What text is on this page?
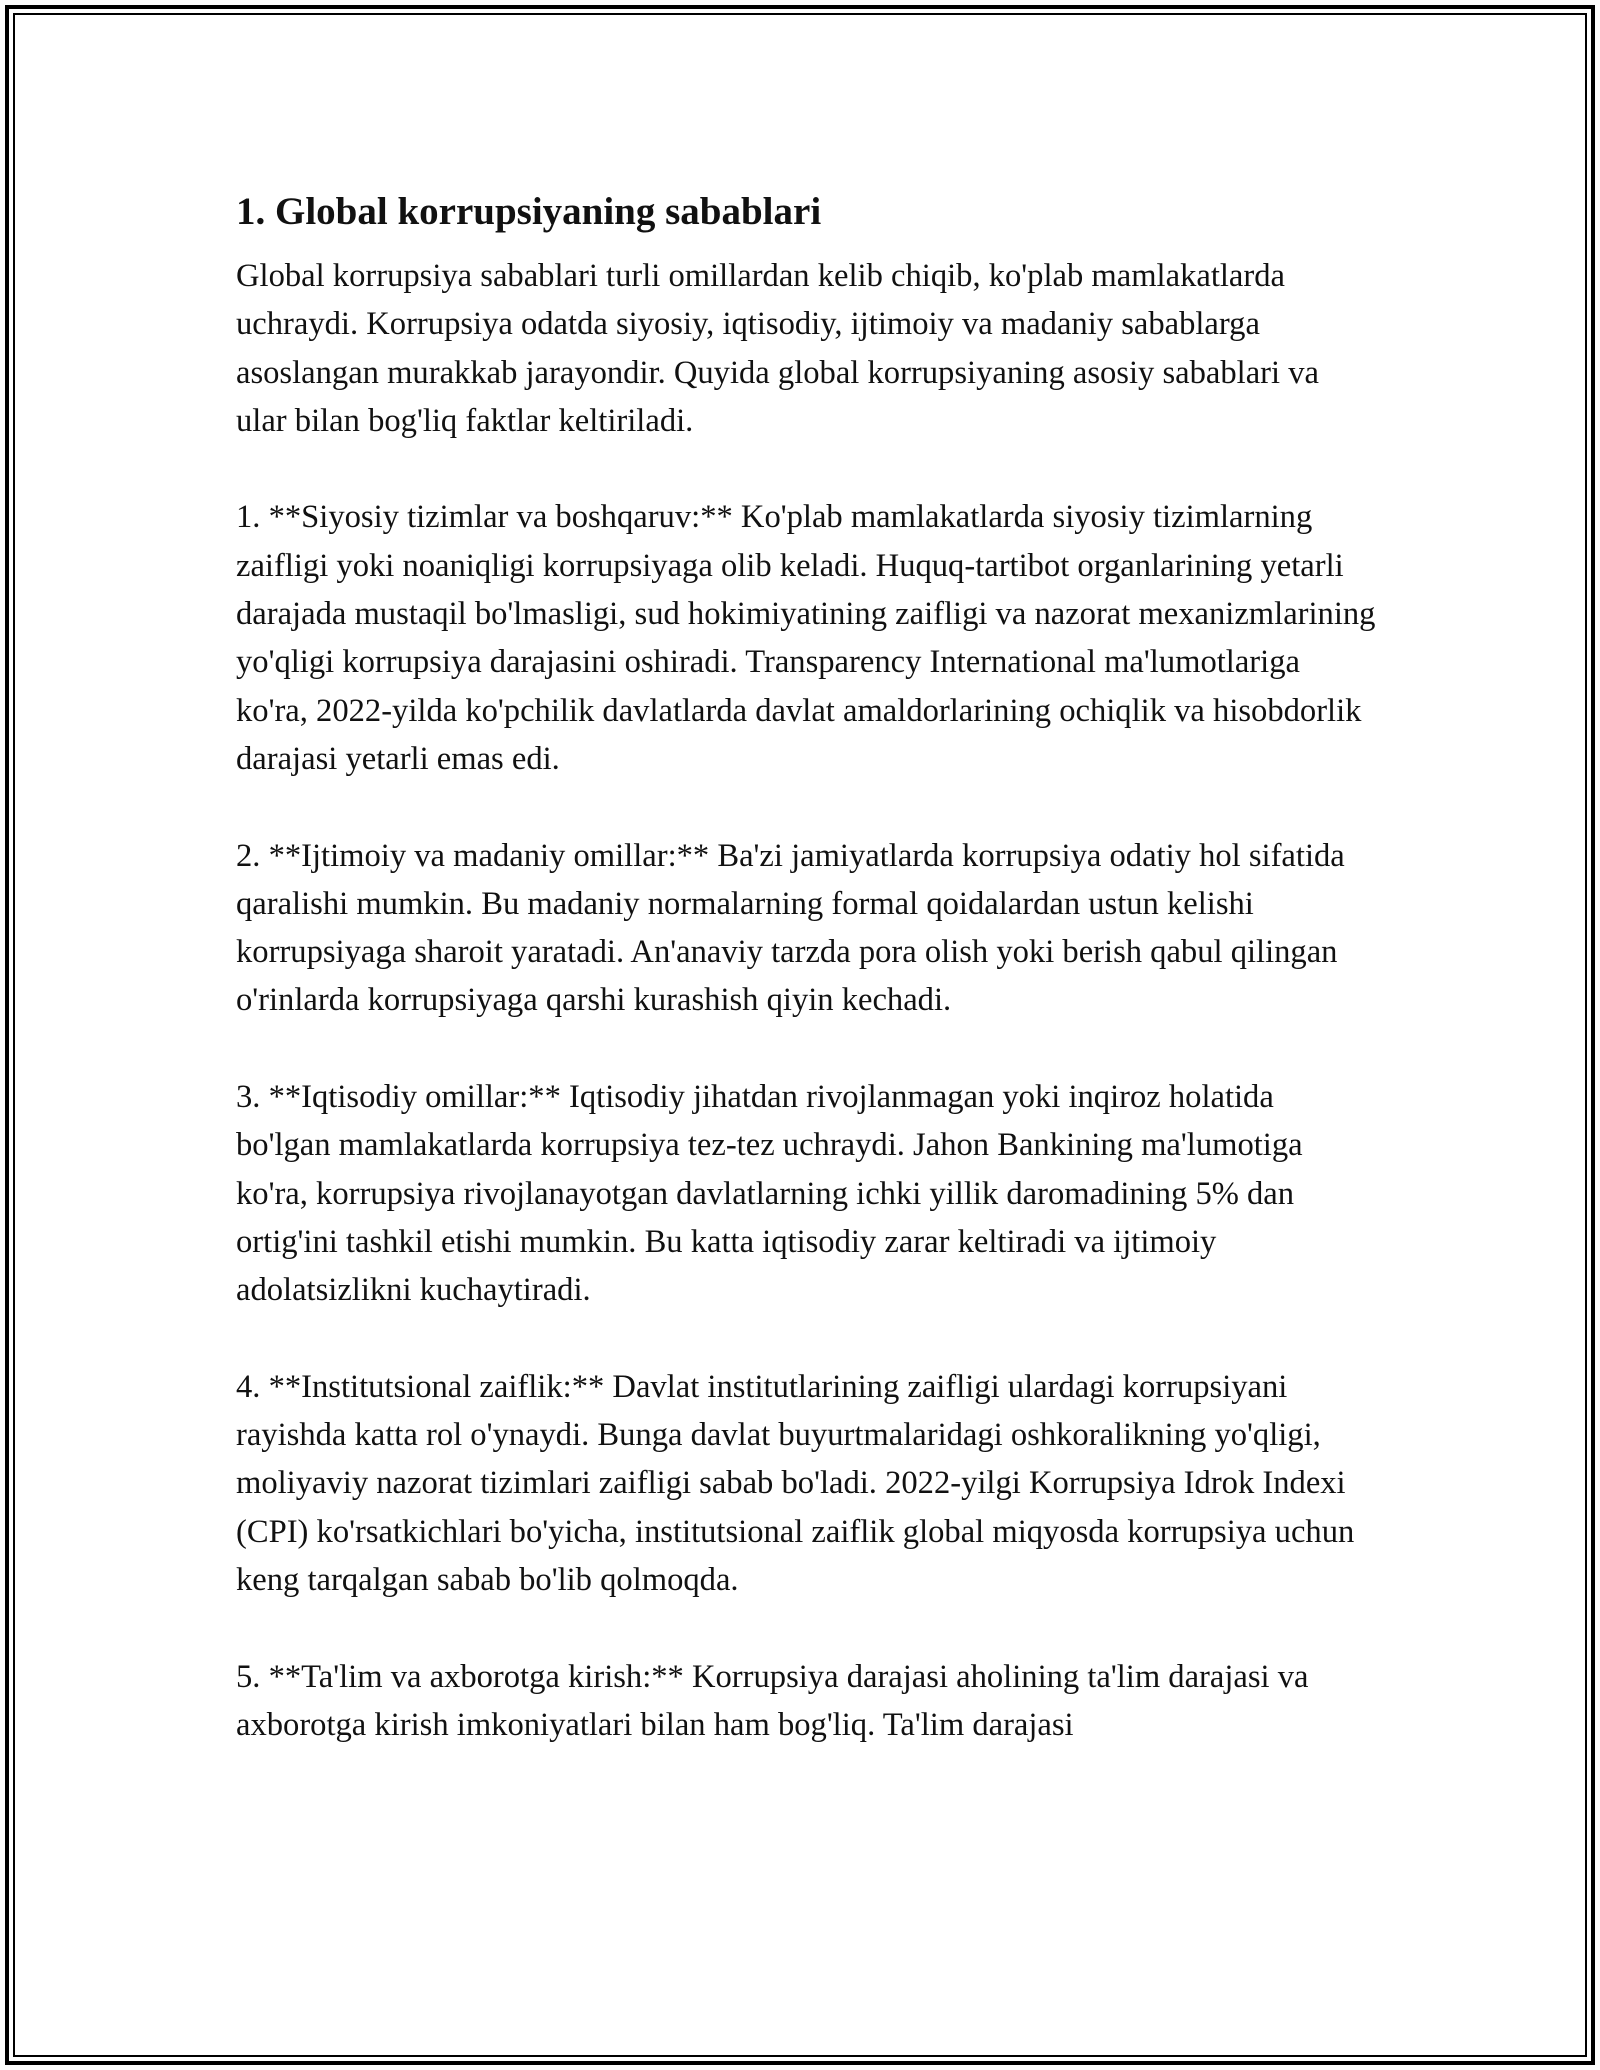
1. Global korrupsiyaning sabablari

Global korrupsiya sabablari turli omillardan kelib chiqib, ko'plab mamlakatlarda uchraydi. Korrupsiya odatda siyosiy, iqtisodiy, ijtimoiy va madaniy sabablarga asoslangan murakkab jarayondir. Quyida global korrupsiyaning asosiy sabablari va ular bilan bog'liq faktlar keltiriladi.

1. **Siyosiy tizimlar va boshqaruv:** Ko'plab mamlakatlarda siyosiy tizimlarning zaifligi yoki noaniqligi korrupsiyaga olib keladi. Huquq-tartibot organlarining yetarli darajada mustaqil bo'lmasligi, sud hokimiyatining zaifligi va nazorat mexanizmlarining yo'qligi korrupsiya darajasini oshiradi. Transparency International ma'lumotlariga ko'ra, 2022-yilda ko'pchilik davlatlarda davlat amaldorlarining ochiqlik va hisobdorlik darajasi yetarli emas edi.

2. **Ijtimoiy va madaniy omillar:** Ba'zi jamiyatlarda korrupsiya odatiy hol sifatida qaralishi mumkin. Bu madaniy normalarning formal qoidalardan ustun kelishi korrupsiyaga sharoit yaratadi. An'anaviy tarzda pora olish yoki berish qabul qilingan o'rinlarda korrupsiyaga qarshi kurashish qiyin kechadi.

3. **Iqtisodiy omillar:** Iqtisodiy jihatdan rivojlanmagan yoki inqiroz holatida bo'lgan mamlakatlarda korrupsiya tez-tez uchraydi. Jahon Bankining ma'lumotiga ko'ra, korrupsiya rivojlanayotgan davlatlarning ichki yillik daromadining 5% dan ortig'ini tashkil etishi mumkin. Bu katta iqtisodiy zarar keltiradi va ijtimoiy adolatsizlikni kuchaytiradi.

4. **Institutsional zaiflik:** Davlat institutlarining zaifligi ulardagi korrupsiyani rayishda katta rol o'ynaydi. Bunga davlat buyurtmalaridagi oshkoralikning yo'qligi, moliyaviy nazorat tizimlari zaifligi sabab bo'ladi. 2022-yilgi Korrupsiya Idrok Indexi (CPI) ko'rsatkichlari bo'yicha, institutsional zaiflik global miqyosda korrupsiya uchun keng tarqalgan sabab bo'lib qolmoqda.

5. **Ta'lim va axborotga kirish:** Korrupsiya darajasi aholining ta'lim darajasi va axborotga kirish imkoniyatlari bilan ham bog'liq. Ta'lim darajasi
